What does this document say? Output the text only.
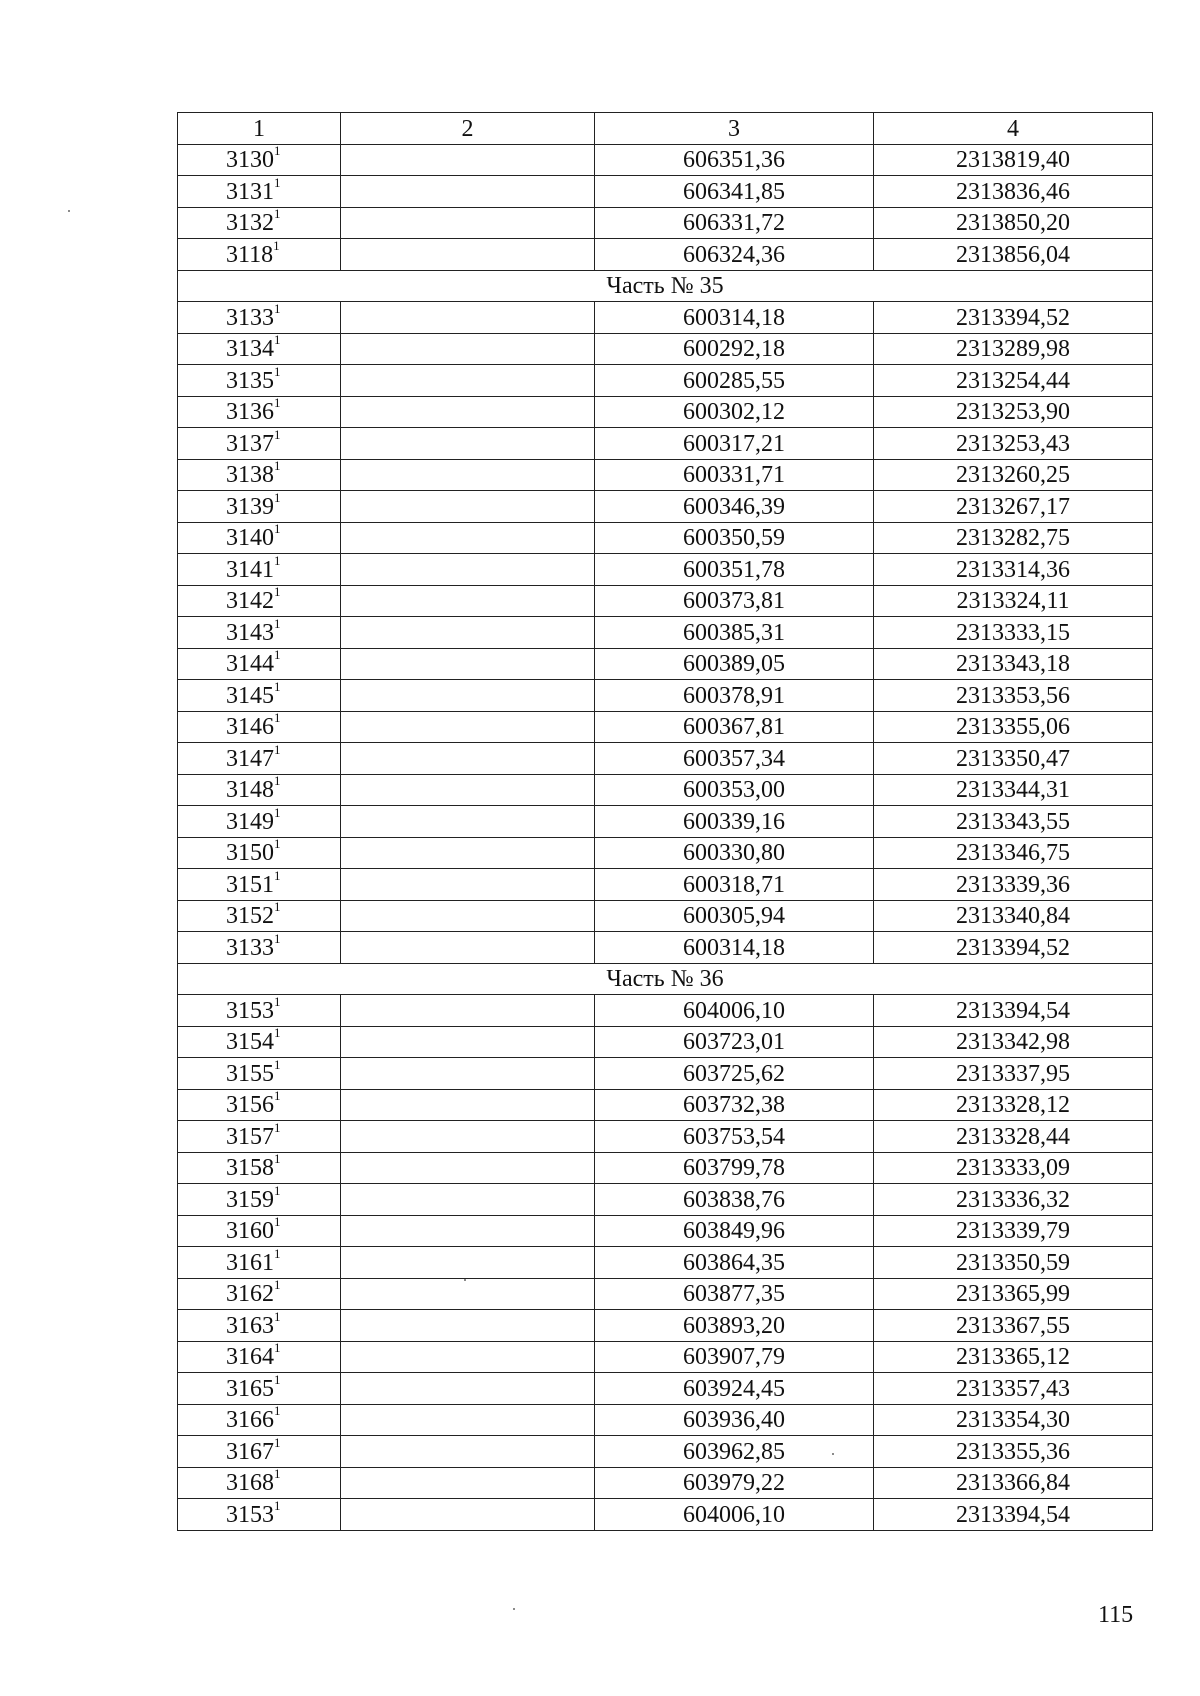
1	2	3	4
3130$^1$		606351,36	2313819,40
3131$^1$		606341,85	2313836,46
3132$^1$		606331,72	2313850,20
3118$^1$		606324,36	2313856,04
Часть № 35			
3133$^1$		600314,18	2313394,52
3134$^1$		600292,18	2313289,98
3135$^1$		600285,55	2313254,44
3136$^1$		600302,12	2313253,90
3137$^1$		600317,21	2313253,43
3138$^1$		600331,71	2313260,25
3139$^1$		600346,39	2313267,17
3140$^1$		600350,59	2313282,75
3141$^1$		600351,78	2313314,36
3142$^1$		600373,81	2313324,11
3143$^1$		600385,31	2313333,15
3144$^1$		600389,05	2313343,18
3145$^1$		600378,91	2313353,56
3146$^1$		600367,81	2313355,06
3147$^1$		600357,34	2313350,47
3148$^1$		600353,00	2313344,31
3149$^1$		600339,16	2313343,55
3150$^1$		600330,80	2313346,75
3151$^1$		600318,71	2313339,36
3152$^1$		600305,94	2313340,84
3133$^1$		600314,18	2313394,52
Часть № 36			
3153$^1$		604006,10	2313394,54
3154$^1$		603723,01	2313342,98
3155$^1$		603725,62	2313337,95
3156$^1$		603732,38	2313328,12
3157$^1$		603753,54	2313328,44
3158$^1$		603799,78	2313333,09
3159$^1$		603838,76	2313336,32
3160$^1$		603849,96	2313339,79
3161$^1$		603864,35	2313350,59
3162$^1$		603877,35	2313365,99
3163$^1$		603893,20	2313367,55
3164$^1$		603907,79	2313365,12
3165$^1$		603924,45	2313357,43
3166$^1$		603936,40	2313354,30
3167$^1$		603962,85	2313355,36
3168$^1$		603979,22	2313366,84
3153$^1$		604006,10	2313394,54
115
